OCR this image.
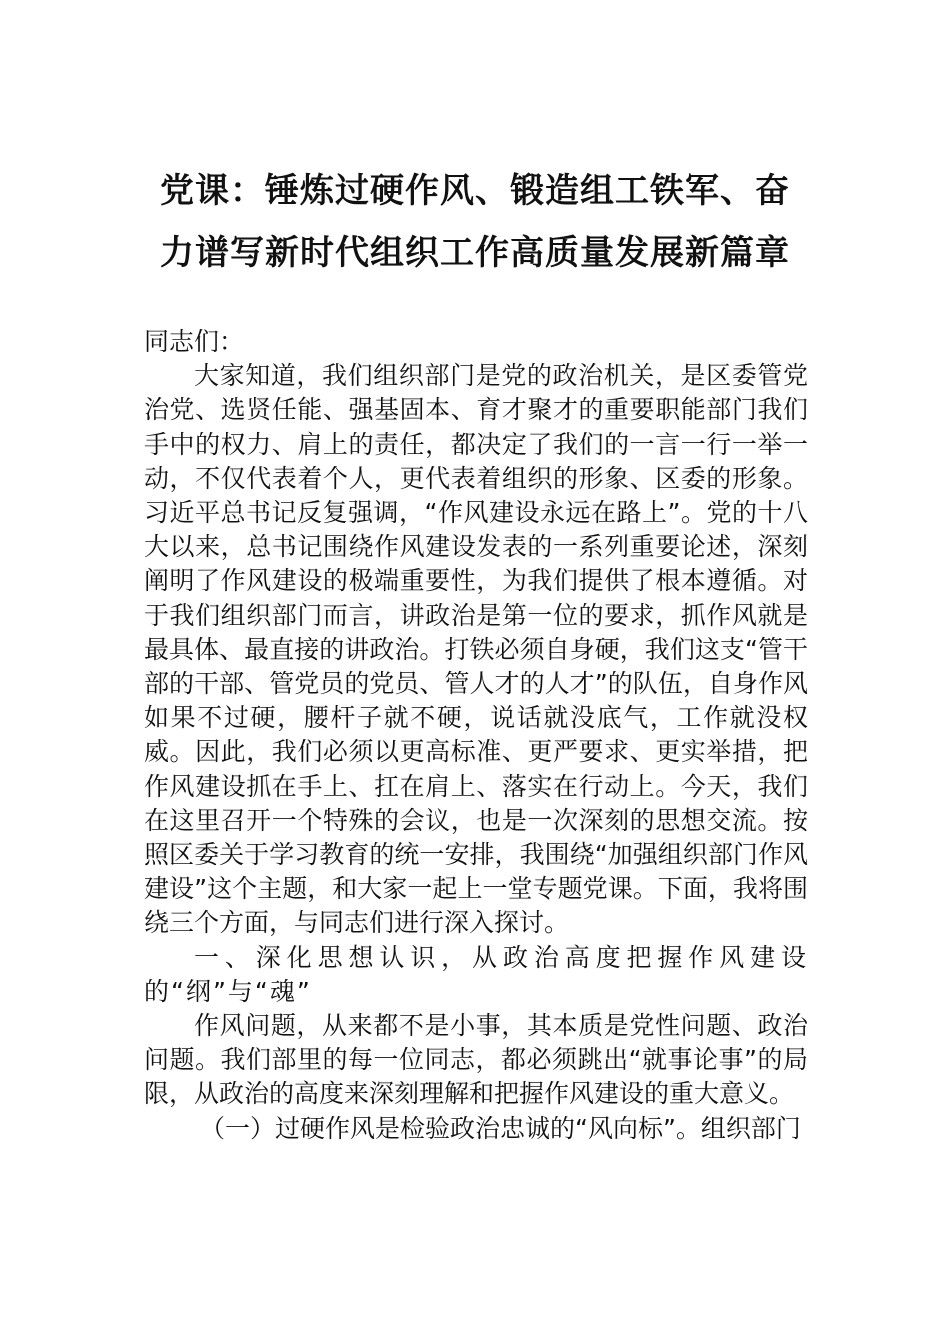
党课：锤炼过硬作风、锻造组工铁军、奋
力谱写新时代组织工作高质量发展新篇章

同志们：

大家知道，我们组织部门是党的政治机关，是区委管党治党、选贤任能、强基固本、育才聚才的重要职能部门我们手中的权力、肩上的责任，都决定了我们的一言一行一举一动，不仅代表着个人，更代表着组织的形象、区委的形象。习近平总书记反复强调，“作风建设永远在路上”。党的十八大以来，总书记围绕作风建设发表的一系列重要论述，深刻阐明了作风建设的极端重要性，为我们提供了根本遵循。对于我们组织部门而言，讲政治是第一位的要求，抓作风就是最具体、最直接的讲政治。打铁必须自身硬，我们这支“管干部的干部、管党员的党员、管人才的人才”的队伍，自身作风如果不过硬，腰杆子就不硬，说话就没底气，工作就没权威。因此，我们必须以更高标准、更严要求、更实举措，把作风建设抓在手上、扛在肩上、落实在行动上。今天，我们在这里召开一个特殊的会议，也是一次深刻的思想交流。按照区委关于学习教育的统一安排，我围绕“加强组织部门作风建设”这个主题，和大家一起上一堂专题党课。下面，我将围绕三个方面，与同志们进行深入探讨。

一、深化思想认识，从政治高度把握作风建设的“纲”与“魂”

作风问题，从来都不是小事，其本质是党性问题、政治问题。我们部里的每一位同志，都必须跳出“就事论事”的局限，从政治的高度来深刻理解和把握作风建设的重大意义。

（一）过硬作风是检验政治忠诚的“风向标”。组织部门
